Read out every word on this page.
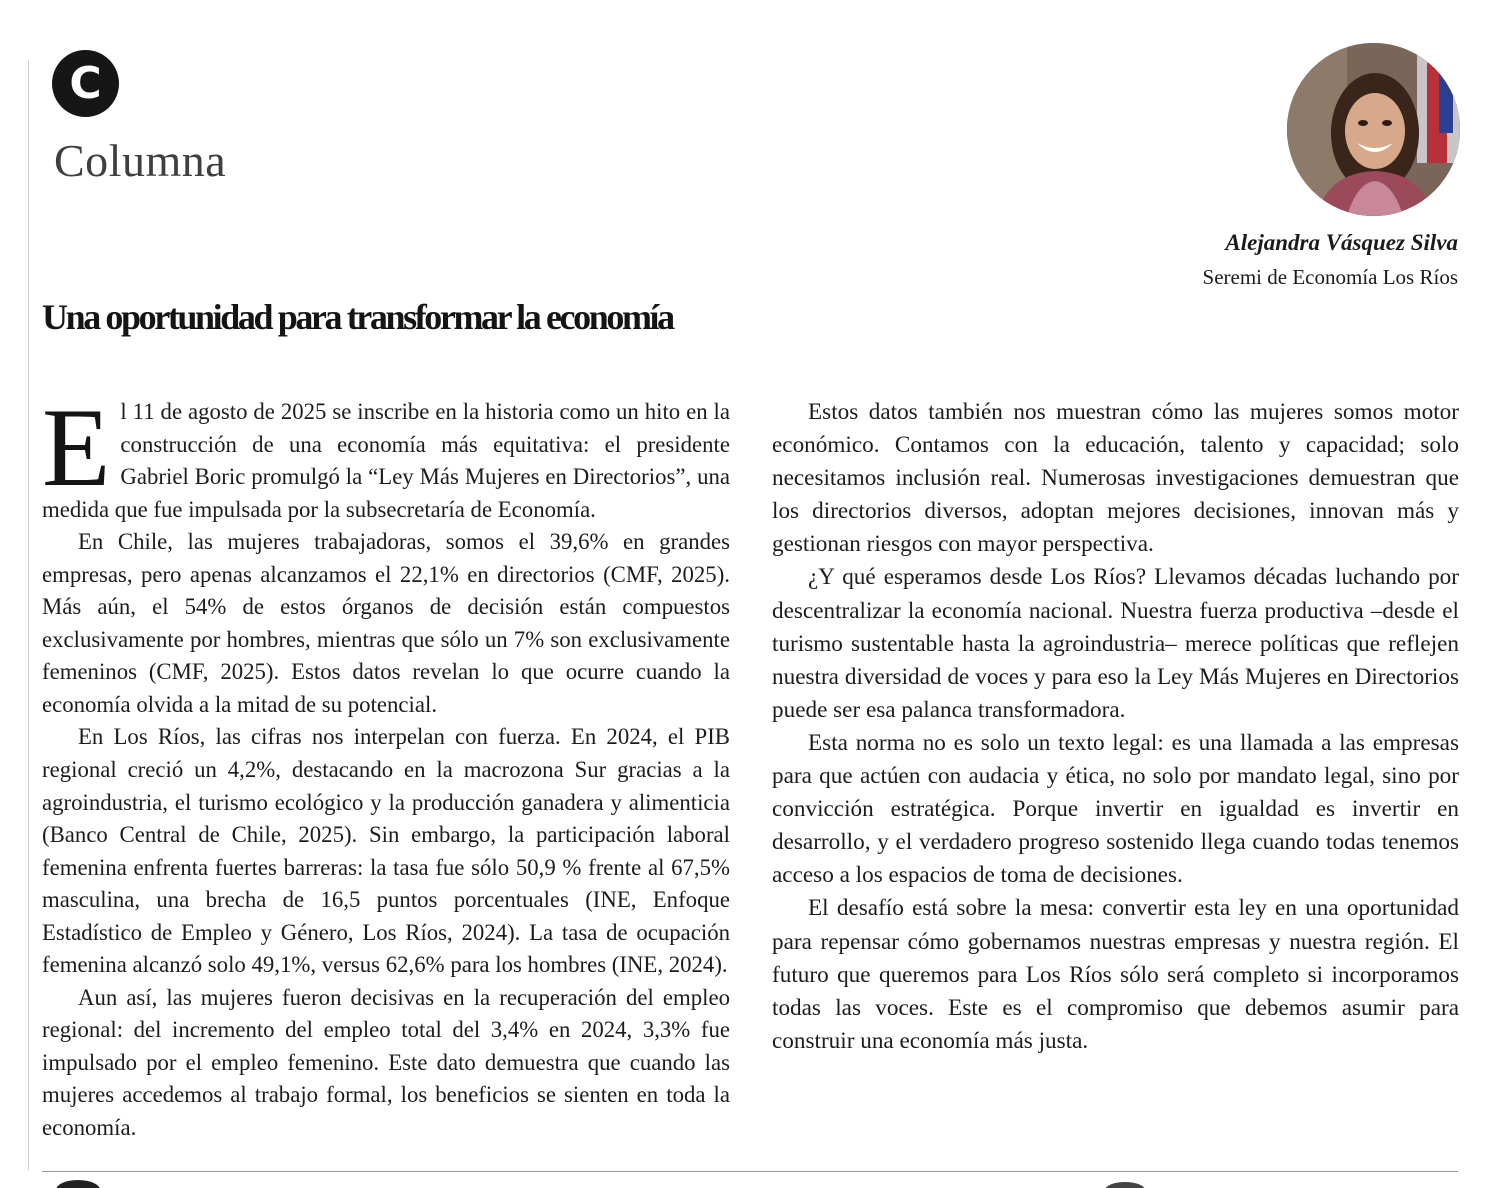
C
Columna
Alejandra Vásquez Silva
Seremi de Economía Los Ríos
Una oportunidad para transformar la economía

El 11 de agosto de 2025 se inscribe en la historia como un hito en la construcción de una economía más equitativa: el presidente Gabriel Boric promulgó la “Ley Más Mujeres en Directorios”, una medida que fue impulsada por la subsecretaría de Economía.

En Chile, las mujeres trabajadoras, somos el 39,6% en grandes empresas, pero apenas alcanzamos el 22,1% en directorios (CMF, 2025). Más aún, el 54% de estos órganos de decisión están compuestos exclusivamente por hombres, mientras que sólo un 7% son exclusivamente femeninos (CMF, 2025). Estos datos revelan lo que ocurre cuando la economía olvida a la mitad de su potencial.

En Los Ríos, las cifras nos interpelan con fuerza. En 2024, el PIB regional creció un 4,2%, destacando en la macrozona Sur gracias a la agroindustria, el turismo ecológico y la producción ganadera y alimenticia (Banco Central de Chile, 2025). Sin embargo, la participación laboral femenina enfrenta fuertes barreras: la tasa fue sólo 50,9 % frente al 67,5% masculina, una brecha de 16,5 puntos porcentuales (INE, Enfoque Estadístico de Empleo y Género, Los Ríos, 2024). La tasa de ocupación femenina alcanzó solo 49,1%, versus 62,6% para los hombres (INE, 2024).

Aun así, las mujeres fueron decisivas en la recuperación del empleo regional: del incremento del empleo total del 3,4% en 2024, 3,3% fue impulsado por el empleo femenino. Este dato demuestra que cuando las mujeres accedemos al trabajo formal, los beneficios se sienten en toda la economía.

Estos datos también nos muestran cómo las mujeres somos motor económico. Contamos con la educación, talento y capacidad; solo necesitamos inclusión real. Numerosas investigaciones demuestran que los directorios diversos, adoptan mejores decisiones, innovan más y gestionan riesgos con mayor perspectiva.

¿Y qué esperamos desde Los Ríos? Llevamos décadas luchando por descentralizar la economía nacional. Nuestra fuerza productiva –desde el turismo sustentable hasta la agroindustria– merece políticas que reflejen nuestra diversidad de voces y para eso la Ley Más Mujeres en Directorios puede ser esa palanca transformadora.

Esta norma no es solo un texto legal: es una llamada a las empresas para que actúen con audacia y ética, no solo por mandato legal, sino por convicción estratégica. Porque invertir en igualdad es invertir en desarrollo, y el verdadero progreso sostenido llega cuando todas tenemos acceso a los espacios de toma de decisiones.

El desafío está sobre la mesa: convertir esta ley en una oportunidad para repensar cómo gobernamos nuestras empresas y nuestra región. El futuro que queremos para Los Ríos sólo será completo si incorporamos todas las voces. Este es el compromiso que debemos asumir para construir una economía más justa.
